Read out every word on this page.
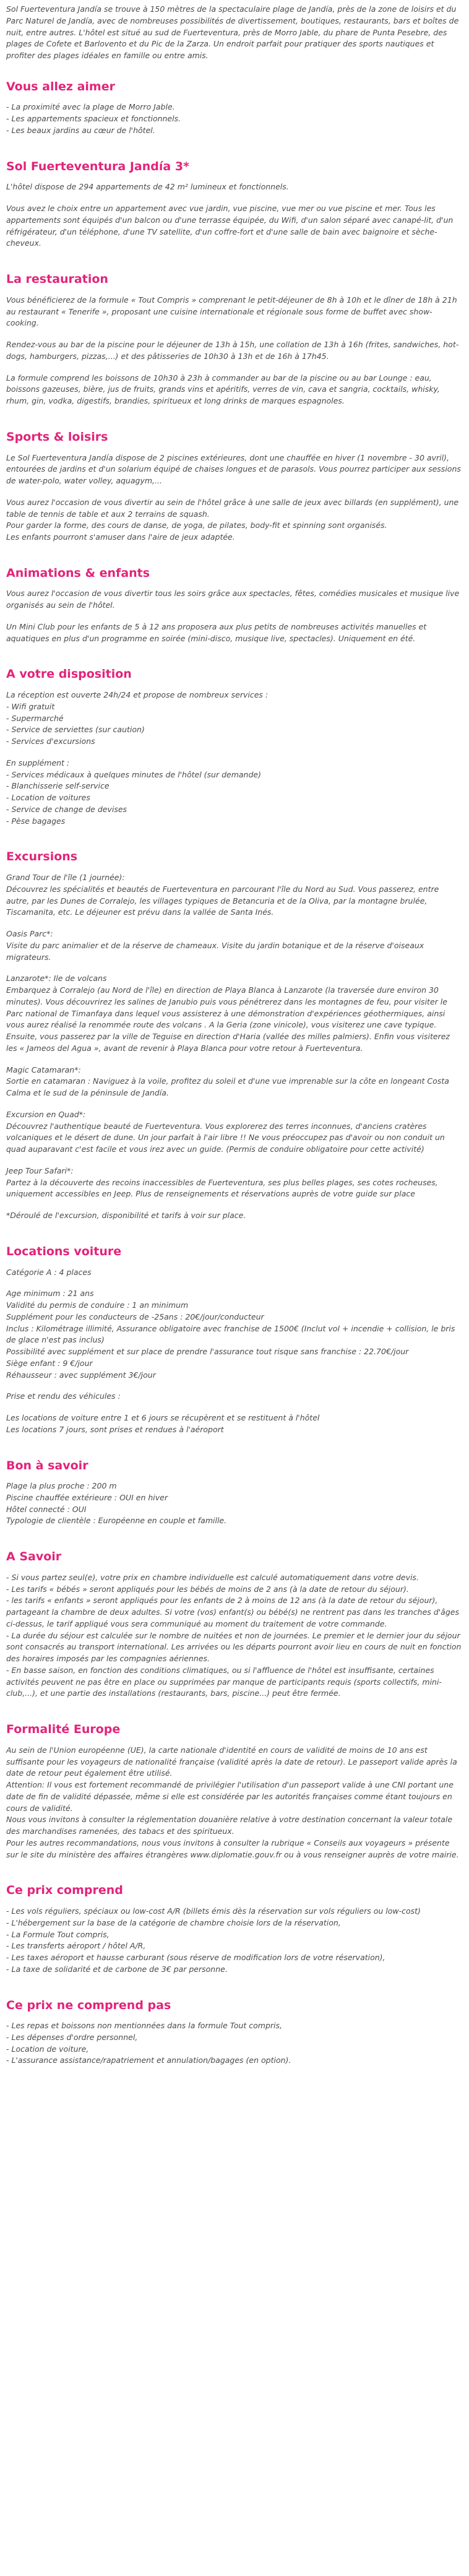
Sol Fuerteventura Jandía se trouve à 150 mètres de la spectaculaire plage de Jandía, près de la zone de loisirs et du Parc Naturel de Jandía, avec de nombreuses possibilités de divertissement, boutiques, restaurants, bars et boîtes de nuit, entre autres. L'hôtel est situé au sud de Fuerteventura, près de Morro Jable, du phare de Punta Pesebre, des plages de Cofete et Barlovento et du Pic de la Zarza. Un endroit parfait pour pratiquer des sports nautiques et profiter des plages idéales en famille ou entre amis.

Vous allez aimer

- La proximité avec la plage de Morro Jable.
- Les appartements spacieux et fonctionnels.
- Les beaux jardins au cœur de l'hôtel.

Sol Fuerteventura Jandía 3*

L'hôtel dispose de 294 appartements de 42 m² lumineux et fonctionnels.

Vous avez le choix entre un appartement avec vue jardin, vue piscine, vue mer ou vue piscine et mer. Tous les appartements sont équipés d'un balcon ou d'une terrasse équipée, du Wifi, d'un salon séparé avec canapé-lit, d'un réfrigérateur, d'un téléphone, d'une TV satellite, d'un coffre-fort et d'une salle de bain avec baignoire et sèche-cheveux.

La restauration

Vous bénéficierez de la formule « Tout Compris » comprenant le petit-déjeuner de 8h à 10h et le dîner de 18h à 21h au restaurant « Tenerife », proposant une cuisine internationale et régionale sous forme de buffet avec show-cooking.

Rendez-vous au bar de la piscine pour le déjeuner de 13h à 15h, une collation de 13h à 16h (frites, sandwiches, hot-dogs, hamburgers, pizzas,...) et des pâtisseries de 10h30 à 13h et de 16h à 17h45.

La formule comprend les boissons de 10h30 à 23h à commander au bar de la piscine ou au bar Lounge : eau, boissons gazeuses, bière, jus de fruits, grands vins et apéritifs, verres de vin, cava et sangria, cocktails, whisky, rhum, gin, vodka, digestifs, brandies, spiritueux et long drinks de marques espagnoles.

Sports & loisirs

Le Sol Fuerteventura Jandía dispose de 2 piscines extérieures, dont une chauffée en hiver (1 novembre - 30 avril), entourées de jardins et d'un solarium équipé de chaises longues et de parasols. Vous pourrez participer aux sessions de water-polo, water volley, aquagym,...

Vous aurez l'occasion de vous divertir au sein de l'hôtel grâce à une salle de jeux avec billards (en supplément), une table de tennis de table et aux 2 terrains de squash.
Pour garder la forme, des cours de danse, de yoga, de pilates, body-fit et spinning sont organisés.
Les enfants pourront s'amuser dans l'aire de jeux adaptée.

Animations & enfants

Vous aurez l'occasion de vous divertir tous les soirs grâce aux spectacles, fêtes, comédies musicales et musique live organisés au sein de l'hôtel.

Un Mini Club pour les enfants de 5 à 12 ans proposera aux plus petits de nombreuses activités manuelles et aquatiques en plus d'un programme en soirée (mini-disco, musique live, spectacles). Uniquement en été.

A votre disposition

La réception est ouverte 24h/24 et propose de nombreux services :
- Wifi gratuit
- Supermarché
- Service de serviettes (sur caution)
- Services d'excursions

En supplément :
- Services médicaux à quelques minutes de l'hôtel (sur demande)
- Blanchisserie self-service
- Location de voitures
- Service de change de devises
- Pèse bagages

Excursions

Grand Tour de l'île (1 journée):
Découvrez les spécialités et beautés de Fuerteventura en parcourant l'île du Nord au Sud. Vous passerez, entre autre, par les Dunes de Corralejo, les villages typiques de Betancuria et de la Oliva, par la montagne brulée, Tiscamanita, etc. Le déjeuner est prévu dans la vallée de Santa Inés.

Oasis Parc*:
Visite du parc animalier et de la réserve de chameaux. Visite du jardin botanique et de la réserve d'oiseaux migrateurs.

Lanzarote*: Ile de volcans
Embarquez à Corralejo (au Nord de l'île) en direction de Playa Blanca à Lanzarote (la traversée dure environ 30 minutes). Vous découvrirez les salines de Janubio puis vous pénétrerez dans les montagnes de feu, pour visiter le Parc national de Timanfaya dans lequel vous assisterez à une démonstration d'expériences géothermiques, ainsi vous aurez réalisé la renommée route des volcans . A la Geria (zone vinicole), vous visiterez une cave typique. Ensuite, vous passerez par la ville de Teguise en direction d'Haria (vallée des milles palmiers). Enfin vous visiterez les « Jameos del Agua », avant de revenir à Playa Blanca pour votre retour à Fuerteventura.

Magic Catamaran*:
Sortie en catamaran : Naviguez à la voile, profitez du soleil et d'une vue imprenable sur la côte en longeant Costa Calma et le sud de la péninsule de Jandía.

Excursion en Quad*:
Découvrez l'authentique beauté de Fuerteventura. Vous explorerez des terres inconnues, d'anciens cratères volcaniques et le désert de dune. Un jour parfait à l'air libre !! Ne vous préoccupez pas d'avoir ou non conduit un quad auparavant c'est facile et vous irez avec un guide. (Permis de conduire obligatoire pour cette activité)

Jeep Tour Safari*:
Partez à la découverte des recoins inaccessibles de Fuerteventura, ses plus belles plages, ses cotes rocheuses, uniquement accessibles en Jeep. Plus de renseignements et réservations auprès de votre guide sur place

*Déroulé de l'excursion, disponibilité et tarifs à voir sur place.

Locations voiture

Catégorie A : 4 places

Age minimum : 21 ans
Validité du permis de conduire : 1 an minimum
Supplément pour les conducteurs de -25ans : 20€/jour/conducteur
Inclus : Kilométrage illimité, Assurance obligatoire avec franchise de 1500€ (Inclut vol + incendie + collision, le bris de glace n'est pas inclus)
Possibilité avec supplément et sur place de prendre l'assurance tout risque sans franchise : 22.70€/jour
Siège enfant : 9 €/jour
Réhausseur : avec supplément 3€/jour

Prise et rendu des véhicules :

Les locations de voiture entre 1 et 6 jours se récupèrent et se restituent à l'hôtel
Les locations 7 jours, sont prises et rendues à l'aéroport

Bon à savoir

Plage la plus proche : 200 m
Piscine chauffée extérieure : OUI en hiver
Hôtel connecté : OUI
Typologie de clientèle : Européenne en couple et famille.

A Savoir

- Si vous partez seul(e), votre prix en chambre individuelle est calculé automatiquement dans votre devis.
- Les tarifs « bébés » seront appliqués pour les bébés de moins de 2 ans (à la date de retour du séjour).
- les tarifs « enfants » seront appliqués pour les enfants de 2 à moins de 12 ans (à la date de retour du séjour), partageant la chambre de deux adultes. Si votre (vos) enfant(s) ou bébé(s) ne rentrent pas dans les tranches d'âges ci-dessus, le tarif appliqué vous sera communiqué au moment du traitement de votre commande.
- La durée du séjour est calculée sur le nombre de nuitées et non de journées. Le premier et le dernier jour du séjour sont consacrés au transport international. Les arrivées ou les départs pourront avoir lieu en cours de nuit en fonction des horaires imposés par les compagnies aériennes.
- En basse saison, en fonction des conditions climatiques, ou si l'affluence de l'hôtel est insuffisante, certaines activités peuvent ne pas être en place ou supprimées par manque de participants requis (sports collectifs, mini-club,...), et une partie des installations (restaurants, bars, piscine...) peut être fermée.

Formalité Europe

Au sein de l'Union européenne (UE), la carte nationale d'identité en cours de validité de moins de 10 ans est suffisante pour les voyageurs de nationalité française (validité après la date de retour). Le passeport valide après la date de retour peut également être utilisé.
Attention: Il vous est fortement recommandé de privilégier l'utilisation d'un passeport valide à une CNI portant une date de fin de validité dépassée, même si elle est considérée par les autorités françaises comme étant toujours en cours de validité.
Nous vous invitons à consulter la réglementation douanière relative à votre destination concernant la valeur totale des marchandises ramenées, des tabacs et des spiritueux.
Pour les autres recommandations, nous vous invitons à consulter la rubrique « Conseils aux voyageurs » présente sur le site du ministère des affaires étrangères www.diplomatie.gouv.fr ou à vous renseigner auprès de votre mairie.

Ce prix comprend

- Les vols réguliers, spéciaux ou low-cost A/R (billets émis dès la réservation sur vols réguliers ou low-cost)
- L'hébergement sur la base de la catégorie de chambre choisie lors de la réservation,
- La Formule Tout compris,
- Les transferts aéroport / hôtel A/R,
- Les taxes aéroport et hausse carburant (sous réserve de modification lors de votre réservation),
- La taxe de solidarité et de carbone de 3€ par personne.

Ce prix ne comprend pas

- Les repas et boissons non mentionnées dans la formule Tout compris,
- Les dépenses d'ordre personnel,
- Location de voiture,
- L'assurance assistance/rapatriement et annulation/bagages (en option).
